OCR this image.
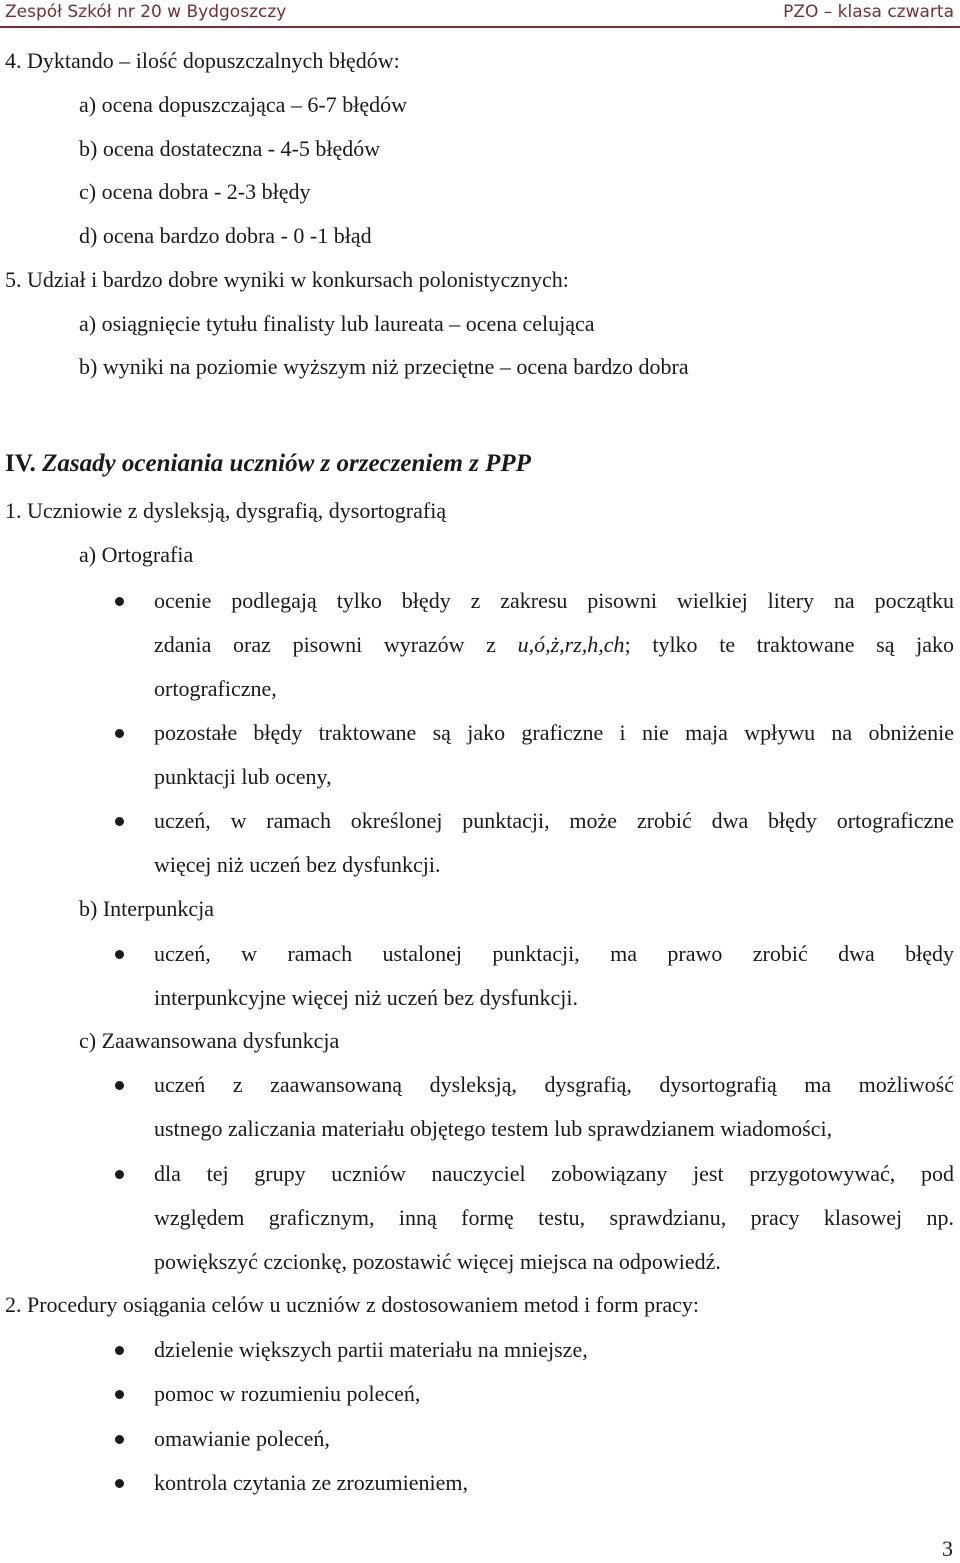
Zespół Szkół nr 20 w Bydgoszczy	PZO – klasa czwarta
4. Dyktando – ilość dopuszczalnych błędów:
a) ocena dopuszczająca – 6-7 błędów
b) ocena dostateczna - 4-5 błędów
c) ocena dobra - 2-3 błędy
d) ocena bardzo dobra - 0 -1 błąd
5. Udział i bardzo dobre wyniki w konkursach polonistycznych:
a) osiągnięcie tytułu finalisty lub laureata – ocena celująca
b) wyniki na poziomie wyższym niż przeciętne – ocena bardzo dobra
IV. Zasady oceniania uczniów z orzeczeniem z PPP
1. Uczniowie z dysleksją, dysgrafią, dysortografią
a) Ortografia
ocenie podlegają tylko błędy z zakresu pisowni wielkiej litery na początku
zdania oraz pisowni wyrazów z u,ó,ż,rz,h,ch; tylko te traktowane są jako
ortograficzne,
pozostałe błędy traktowane są jako graficzne i nie maja wpływu na obniżenie
punktacji lub oceny,
uczeń, w ramach określonej punktacji, może zrobić dwa błędy ortograficzne
więcej niż uczeń bez dysfunkcji.
b) Interpunkcja
uczeń, w ramach ustalonej punktacji, ma prawo zrobić dwa błędy
interpunkcyjne więcej niż uczeń bez dysfunkcji.
c) Zaawansowana dysfunkcja
uczeń z zaawansowaną dysleksją, dysgrafią, dysortografią ma możliwość
ustnego zaliczania materiału objętego testem lub sprawdzianem wiadomości,
dla tej grupy uczniów nauczyciel zobowiązany jest przygotowywać, pod
względem graficznym, inną formę testu, sprawdzianu, pracy klasowej np.
powiększyć czcionkę, pozostawić więcej miejsca na odpowiedź.
2. Procedury osiągania celów u uczniów z dostosowaniem metod i form pracy:
dzielenie większych partii materiału na mniejsze,
pomoc w rozumieniu poleceń,
omawianie poleceń,
kontrola czytania ze zrozumieniem,
3
